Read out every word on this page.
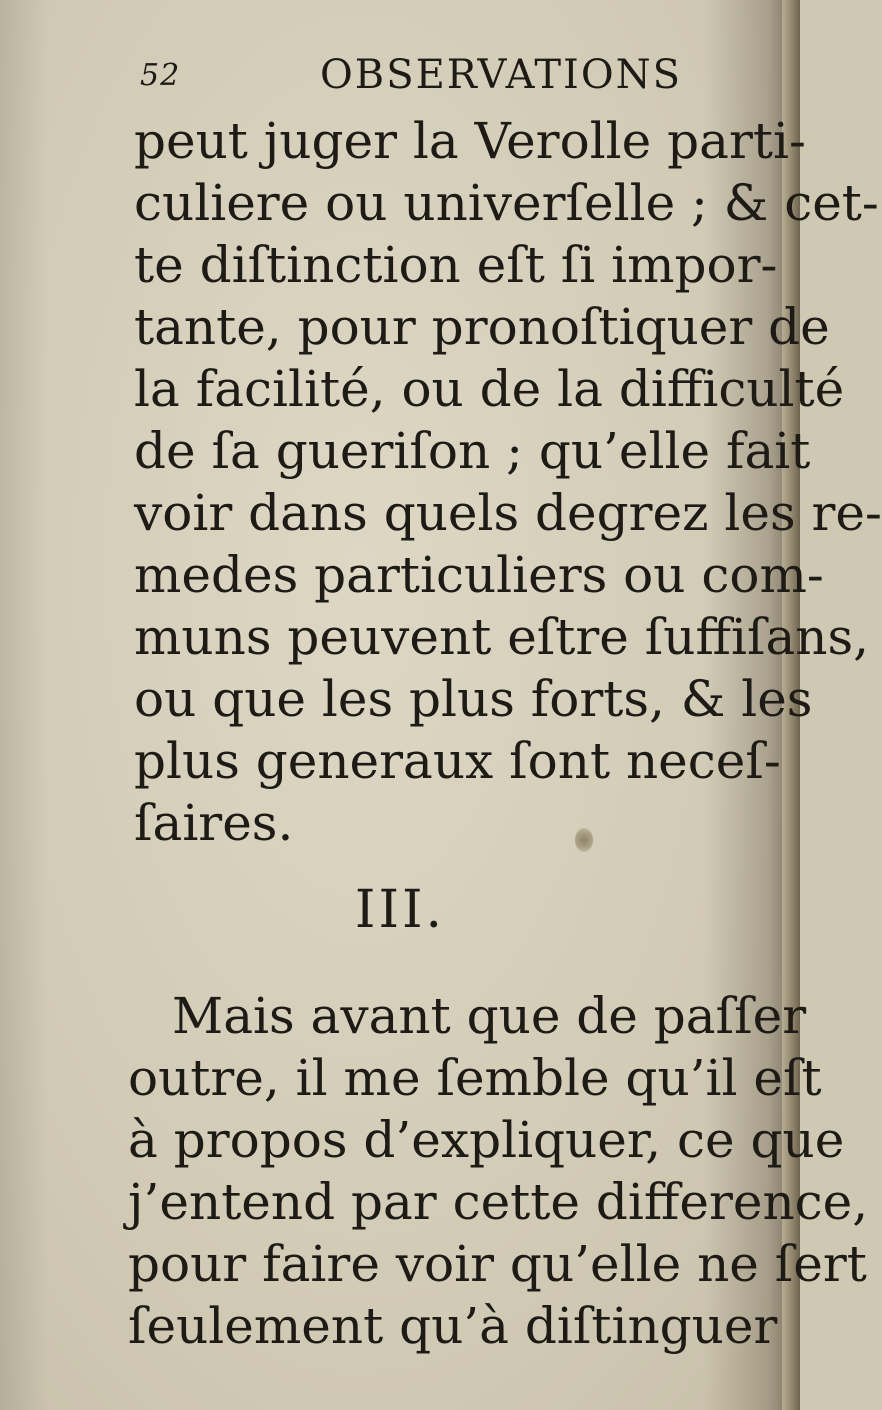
52	OBSERVATIONS
peut juger la Verolle parti-
culiere ou univerſelle ; & cet-
te diſtinction eſt ſi impor-
tante, pour pronoſtiquer de
la facilité, ou de la difficulté
de ſa gueriſon ; qu’elle fait
voir dans quels degrez les re-
medes particuliers ou com-
muns peuvent eſtre ſuffiſans,
ou que les plus forts, & les
plus generaux ſont neceſ-
ſaires.
III.
Mais avant que de paſſer
outre, il me ſemble qu’il eſt
à propos d’expliquer, ce que
j’entend par cette difference,
pour faire voir qu’elle ne ſert
ſeulement qu’à diſtinguer
